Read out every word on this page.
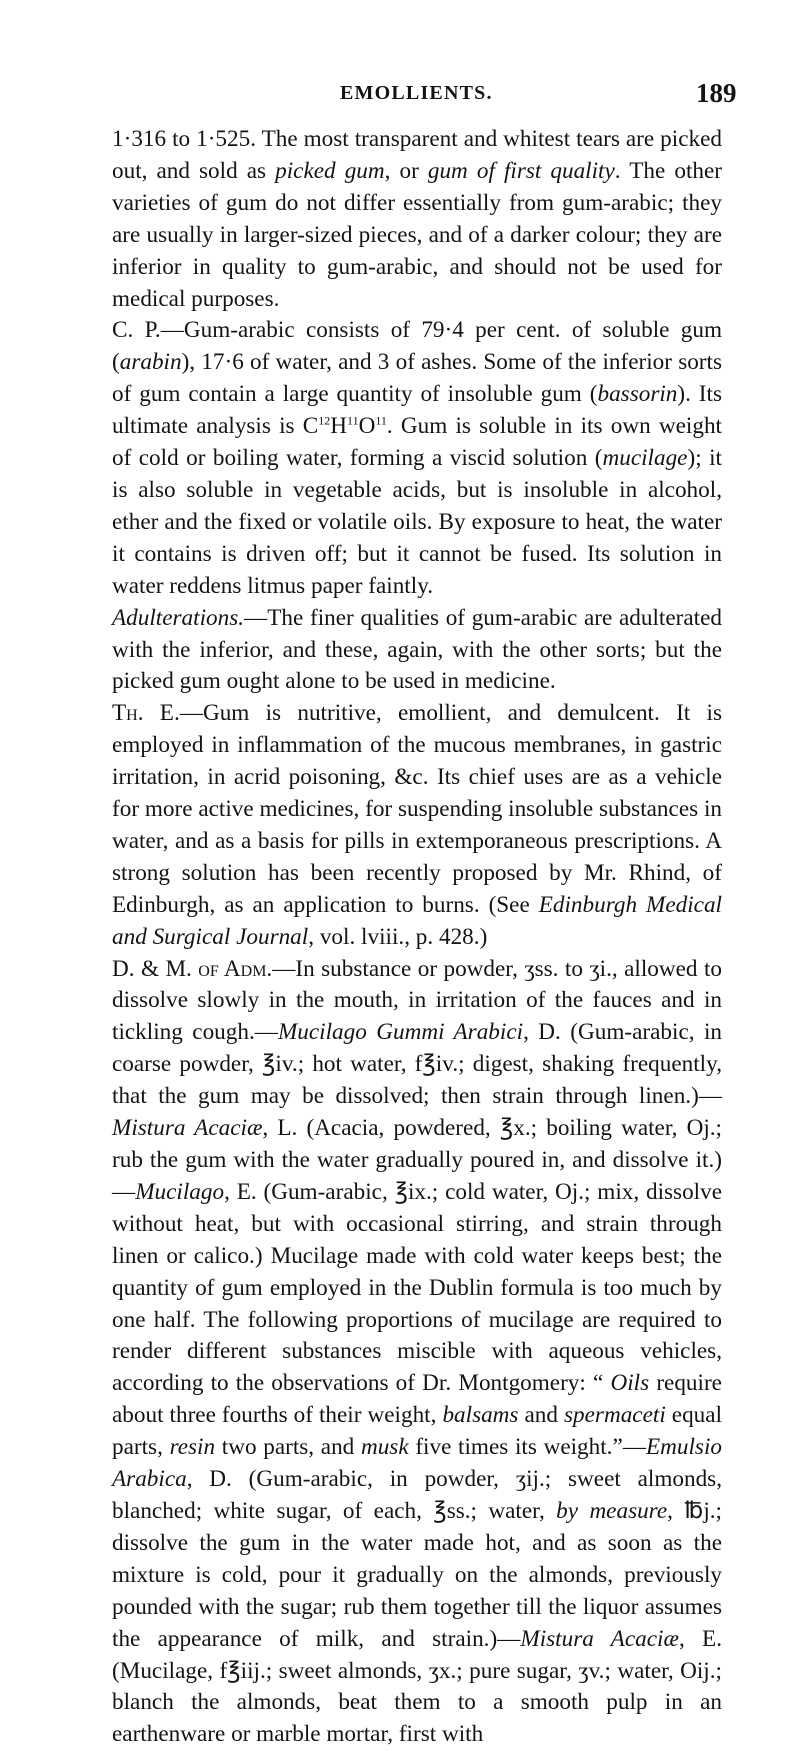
EMOLLIENTS.	189

1·316 to 1·525. The most transparent and whitest tears are picked out, and sold as picked gum, or gum of first quality. The other varieties of gum do not differ essentially from gum-arabic; they are usually in larger-sized pieces, and of a darker colour; they are inferior in quality to gum-arabic, and should not be used for medical purposes.

C. P.—Gum-arabic consists of 79·4 per cent. of soluble gum (arabin), 17·6 of water, and 3 of ashes. Some of the inferior sorts of gum contain a large quantity of insoluble gum (bassorin). Its ultimate analysis is $C^{12}H^{11}O^{11}$. Gum is soluble in its own weight of cold or boiling water, forming a viscid solution (mucilage); it is also soluble in vegetable acids, but is insoluble in alcohol, ether and the fixed or volatile oils. By exposure to heat, the water it contains is driven off; but it cannot be fused. Its solution in water reddens litmus paper faintly.

Adulterations.—The finer qualities of gum-arabic are adulterated with the inferior, and these, again, with the other sorts; but the picked gum ought alone to be used in medicine.

Th. E.—Gum is nutritive, emollient, and demulcent. It is employed in inflammation of the mucous membranes, in gastric irritation, in acrid poisoning, &c. Its chief uses are as a vehicle for more active medicines, for suspending insoluble substances in water, and as a basis for pills in extemporaneous prescriptions. A strong solution has been recently proposed by Mr. Rhind, of Edinburgh, as an application to burns. (See Edinburgh Medical and Surgical Journal, vol. lviii., p. 428.)

D. & M. of Adm.—In substance or powder, ʒss. to ʒi., allowed to dissolve slowly in the mouth, in irritation of the fauces and in tickling cough.—Mucilago Gummi Arabici, D. (Gum-arabic, in coarse powder, ℥iv.; hot water, f℥iv.; digest, shaking frequently, that the gum may be dissolved; then strain through linen.)—Mistura Acaciæ, L. (Acacia, powdered, ℥x.; boiling water, Oj.; rub the gum with the water gradually poured in, and dissolve it.)—Mucilago, E. (Gum-arabic, ℥ix.; cold water, Oj.; mix, dissolve without heat, but with occasional stirring, and strain through linen or calico.) Mucilage made with cold water keeps best; the quantity of gum employed in the Dublin formula is too much by one half. The following proportions of mucilage are required to render different substances miscible with aqueous vehicles, according to the observations of Dr. Montgomery: “ Oils require about three fourths of their weight, balsams and spermaceti equal parts, resin two parts, and musk five times its weight.”—Emulsio Arabica, D. (Gum-arabic, in powder, ʒij.; sweet almonds, blanched; white sugar, of each, ℥ss.; water, by measure, ℔j.; dissolve the gum in the water made hot, and as soon as the mixture is cold, pour it gradually on the almonds, previously pounded with the sugar; rub them together till the liquor assumes the appearance of milk, and strain.)—Mistura Acaciæ, E. (Mucilage, f℥iij.; sweet almonds, ʒx.; pure sugar, ʒv.; water, Oij.; blanch the almonds, beat them to a smooth pulp in an earthenware or marble mortar, first with
